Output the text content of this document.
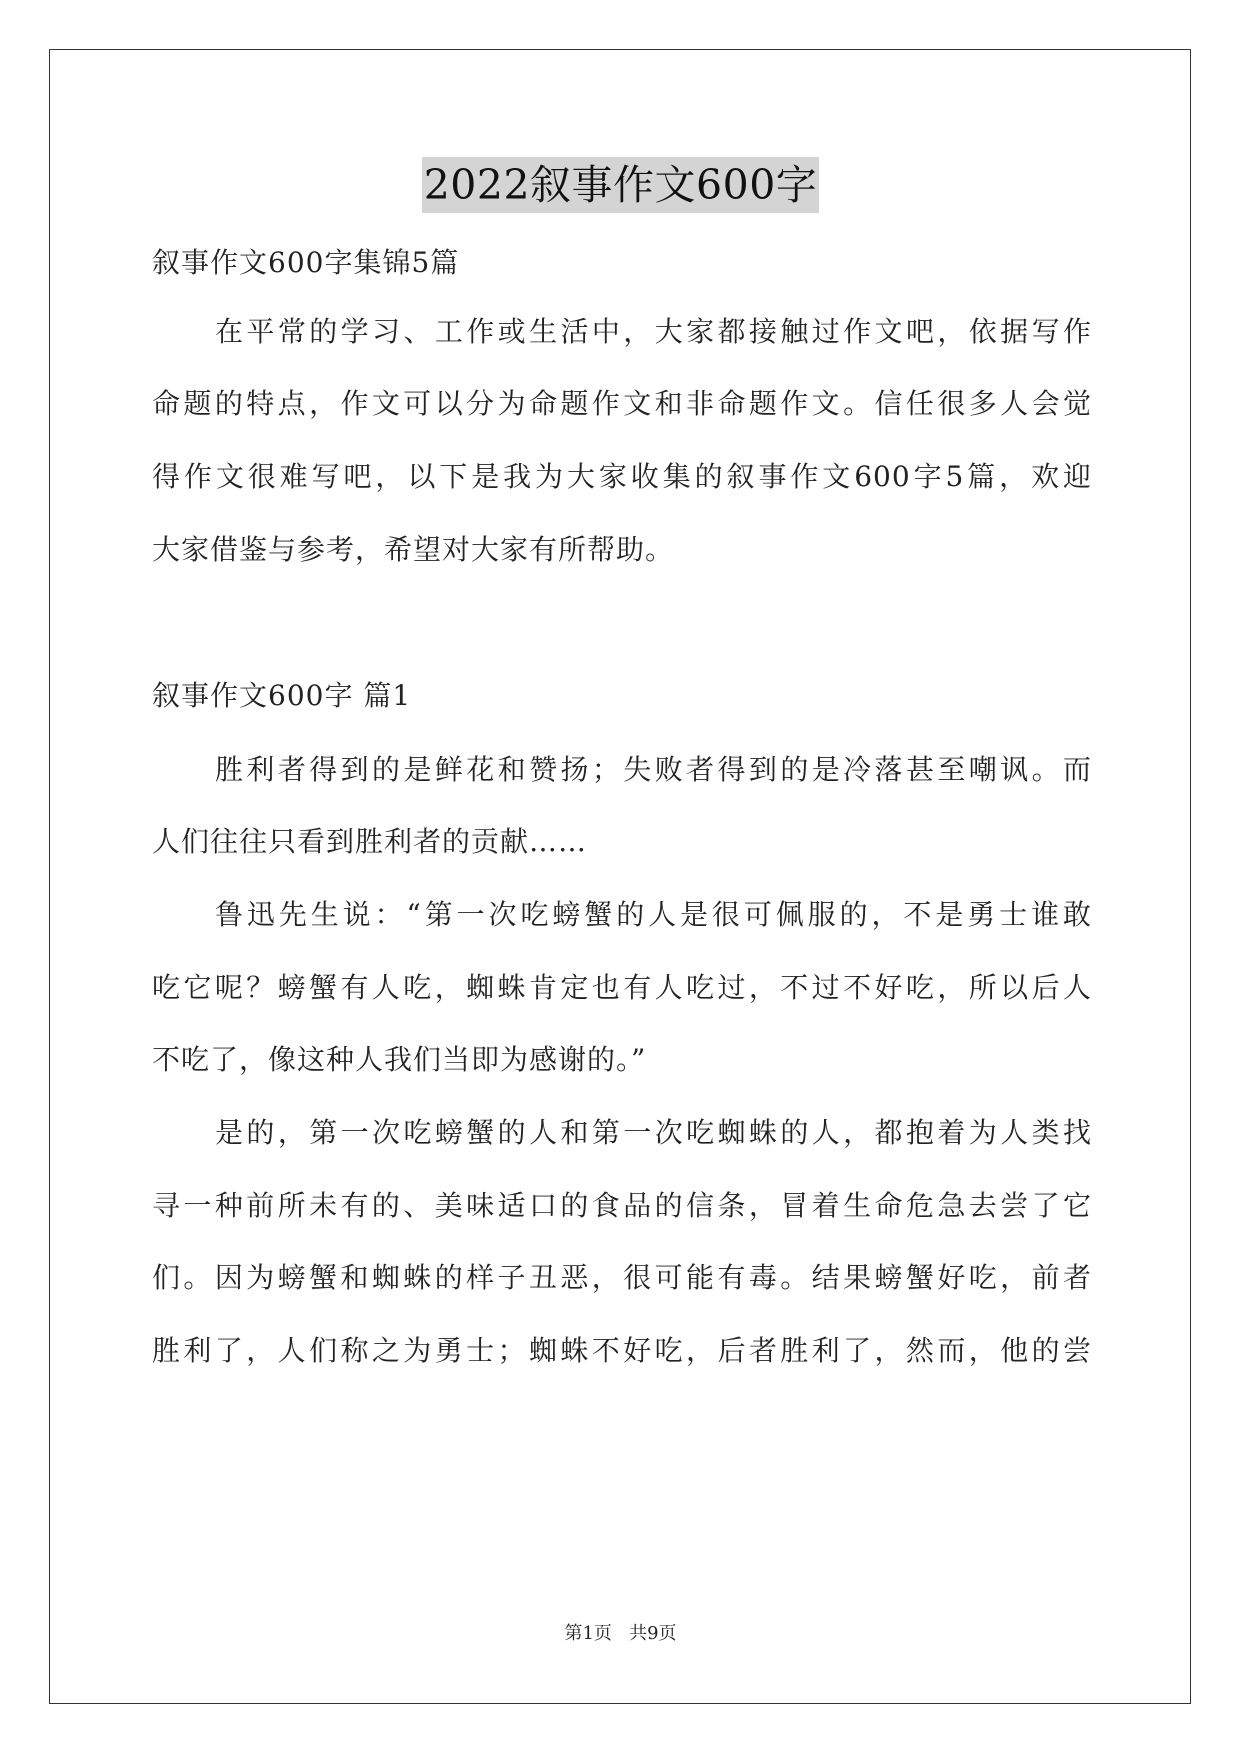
2022叙事作文600字
叙事作文600字集锦5篇
在平常的学习、工作或生活中，大家都接触过作文吧，依据写作
命题的特点，作文可以分为命题作文和非命题作文。信任很多人会觉
得作文很难写吧，以下是我为大家收集的叙事作文600字5篇，欢迎
大家借鉴与参考，希望对大家有所帮助。
叙事作文600字 篇1
胜利者得到的是鲜花和赞扬；失败者得到的是冷落甚至嘲讽。而
人们往往只看到胜利者的贡献……
鲁迅先生说：“第一次吃螃蟹的人是很可佩服的，不是勇士谁敢
吃它呢？螃蟹有人吃，蜘蛛肯定也有人吃过，不过不好吃，所以后人
不吃了，像这种人我们当即为感谢的。”
是的，第一次吃螃蟹的人和第一次吃蜘蛛的人，都抱着为人类找
寻一种前所未有的、美味适口的食品的信条，冒着生命危急去尝了它
们。因为螃蟹和蜘蛛的样子丑恶，很可能有毒。结果螃蟹好吃，前者
胜利了，人们称之为勇士；蜘蛛不好吃，后者胜利了，然而，他的尝
第1页   共9页
